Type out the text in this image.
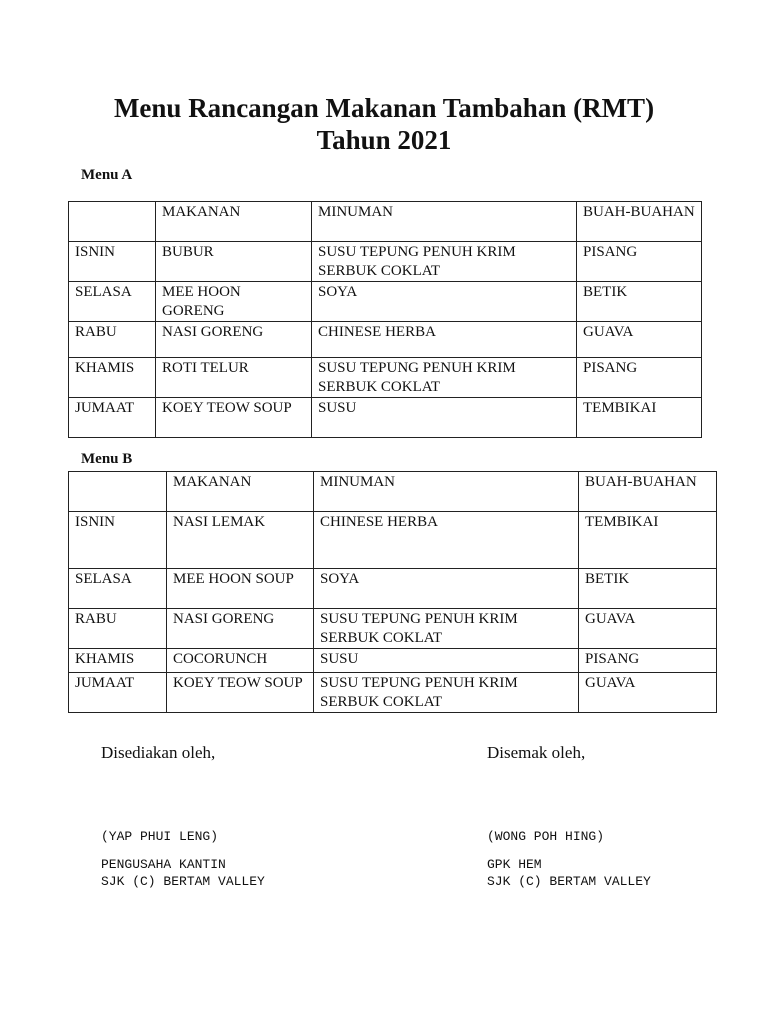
Menu Rancangan Makanan Tambahan (RMT)
Tahun 2021
Menu A
	MAKANAN	MINUMAN	BUAH-BUAHAN
ISNIN	BUBUR	SUSU TEPUNG PENUH KRIM SERBUK COKLAT	PISANG
SELASA	MEE HOON GORENG	SOYA	BETIK
RABU	NASI GORENG	CHINESE HERBA	GUAVA
KHAMIS	ROTI TELUR	SUSU TEPUNG PENUH KRIM SERBUK COKLAT	PISANG
JUMAAT	KOEY TEOW SOUP	SUSU	TEMBIKAI
Menu B
	MAKANAN	MINUMAN	BUAH-BUAHAN
ISNIN	NASI LEMAK	CHINESE HERBA	TEMBIKAI
SELASA	MEE HOON SOUP	SOYA	BETIK
RABU	NASI GORENG	SUSU TEPUNG PENUH KRIM SERBUK COKLAT	GUAVA
KHAMIS	COCORUNCH	SUSU	PISANG
JUMAAT	KOEY TEOW SOUP	SUSU TEPUNG PENUH KRIM SERBUK COKLAT	GUAVA
Disediakan oleh,	Disemak oleh,
(YAP PHUI LENG)	(WONG POH HING)
PENGUSAHA KANTIN
SJK (C) BERTAM VALLEY
GPK HEM
SJK (C) BERTAM VALLEY
